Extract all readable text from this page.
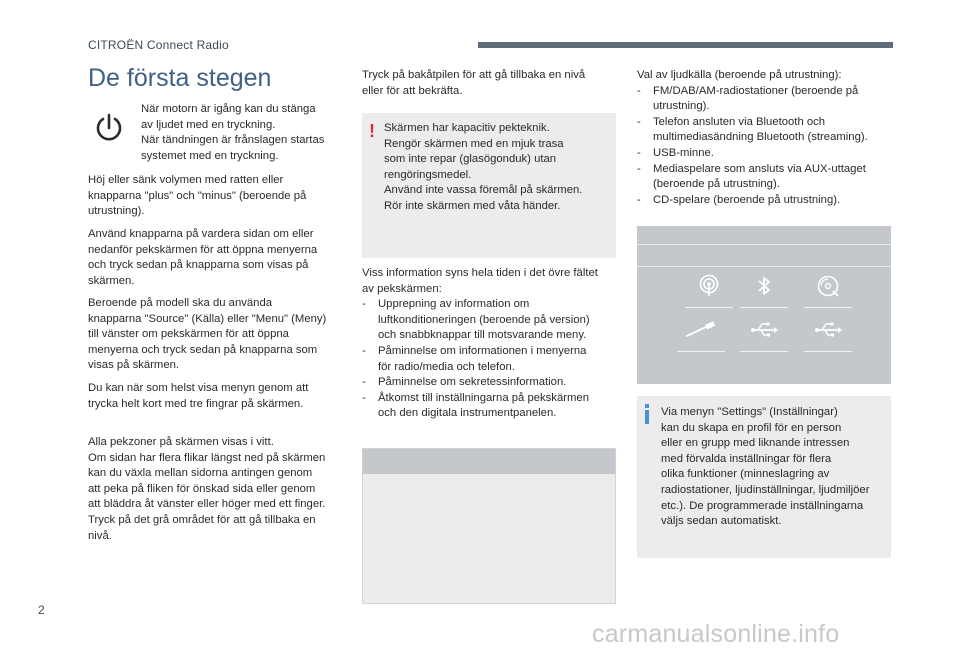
CITROËN Connect Radio
De första stegen

När motorn är igång kan du stänga

av ljudet med en tryckning.

När tändningen är frånslagen startas

systemet med en tryckning.

Höj eller sänk volymen med ratten eller

knapparna "plus" och "minus" (beroende på

utrustning).

Använd knapparna på vardera sidan om eller

nedanför pekskärmen för att öppna menyerna

och tryck sedan på knapparna som visas på

skärmen.

Beroende på modell ska du använda

knapparna "Source" (Källa) eller "Menu" (Meny)

till vänster om pekskärmen för att öppna

menyerna och tryck sedan på knapparna som

visas på skärmen.

Du kan när som helst visa menyn genom att

trycka helt kort med tre fingrar på skärmen.

Alla pekzoner på skärmen visas i vitt.

Om sidan har flera flikar längst ned på skärmen

kan du växla mellan sidorna antingen genom

att peka på fliken för önskad sida eller genom

att bläddra åt vänster eller höger med ett finger.

Tryck på det grå området för att gå tillbaka en

nivå.

Tryck på bakåtpilen för att gå tillbaka en nivå

eller för att bekräfta.

! Skärmen har kapacitiv pekteknik.

Rengör skärmen med en mjuk trasa

som inte repar (glasögonduk) utan

rengöringsmedel.

Använd inte vassa föremål på skärmen.

Rör inte skärmen med våta händer.

Viss information syns hela tiden i det övre fältet

av pekskärmen:

- Upprepning av information om
luftkonditioneringen (beroende på version)
och snabbknappar till motsvarande meny.
- Påminnelse om informationen i menyerna
för radio/media och telefon.
- Påminnelse om sekretessinformation.
- Åtkomst till inställningarna på pekskärmen
och den digitala instrumentpanelen.

Val av ljudkälla (beroende på utrustning):

- FM/DAB/AM-radiostationer (beroende på
utrustning).
- Telefon ansluten via Bluetooth och
multimediasändning Bluetooth (streaming).
- USB-minne.
- Mediaspelare som ansluts via AUX-uttaget
(beroende på utrustning).
- CD-spelare (beroende på utrustning).

Via menyn "Settings" (Inställningar)

kan du skapa en profil för en person

eller en grupp med liknande intressen

med förvalda inställningar för flera

olika funktioner (minneslagring av

radiostationer, ljudinställningar, ljudmiljöer

etc.). De programmerade inställningarna

väljs sedan automatiskt.

2
carmanualsonline.info
